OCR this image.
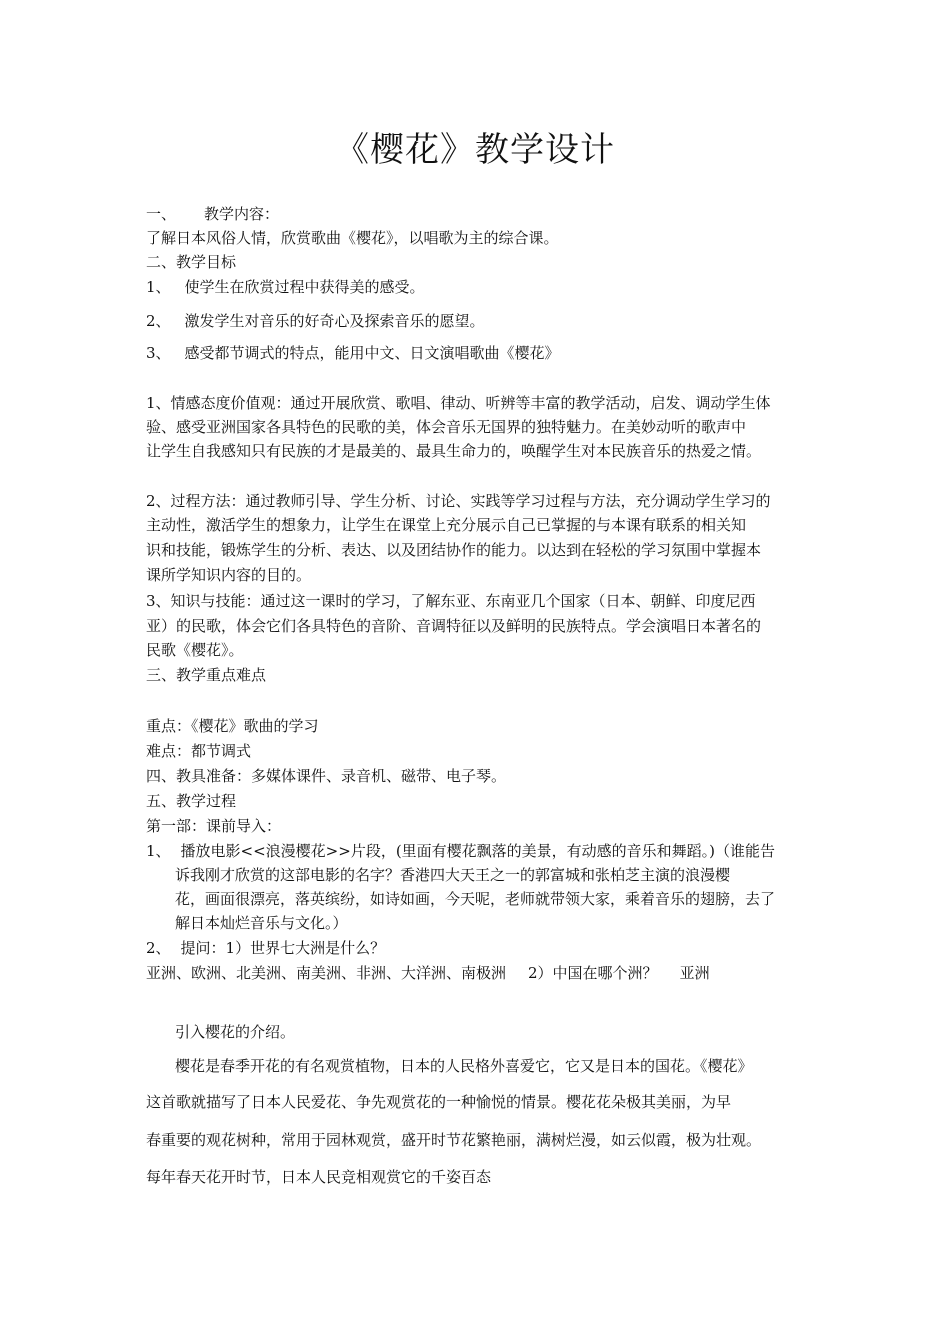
《樱花》教学设计
一、 教学内容：
了解日本风俗人情，欣赏歌曲《樱花》，以唱歌为主的综合课。
二、教学目标
1、 使学生在欣赏过程中获得美的感受。
2、 激发学生对音乐的好奇心及探索音乐的愿望。
3、 感受都节调式的特点，能用中文、日文演唱歌曲《樱花》
1、情感态度价值观：通过开展欣赏、歌唱、律动、听辨等丰富的教学活动，启发、调动学生体
验、感受亚洲国家各具特色的民歌的美，体会音乐无国界的独特魅力。在美妙动听的歌声中
让学生自我感知只有民族的才是最美的、最具生命力的，唤醒学生对本民族音乐的热爱之情。
2、过程方法：通过教师引导、学生分析、讨论、实践等学习过程与方法，充分调动学生学习的
主动性，激活学生的想象力，让学生在课堂上充分展示自己已掌握的与本课有联系的相关知
识和技能，锻炼学生的分析、表达、以及团结协作的能力。以达到在轻松的学习氛围中掌握本
课所学知识内容的目的。
3、知识与技能：通过这一课时的学习，了解东亚、东南亚几个国家（日本、朝鲜、印度尼西
亚）的民歌，体会它们各具特色的音阶、音调特征以及鲜明的民族特点。学会演唱日本著名的
民歌《樱花》。
三、教学重点难点
重点：《樱花》歌曲的学习
难点：都节调式
四、教具准备：多媒体课件、录音机、磁带、电子琴。
五、教学过程
第一部：课前导入：
1、 播放电影<<浪漫樱花>>片段，(里面有樱花飘落的美景，有动感的音乐和舞蹈。)（谁能告
诉我刚才欣赏的这部电影的名字？香港四大天王之一的郭富城和张柏芝主演的浪漫樱
花，画面很漂亮，落英缤纷，如诗如画，今天呢，老师就带领大家，乘着音乐的翅膀，去了
解日本灿烂音乐与文化。）
2、 提问：1）世界七大洲是什么？
亚洲、欧洲、北美洲、南美洲、非洲、大洋洲、南极洲 2）中国在哪个洲？ 亚洲
引入樱花的介绍。
樱花是春季开花的有名观赏植物，日本的人民格外喜爱它，它又是日本的国花。《樱花》
这首歌就描写了日本人民爱花、争先观赏花的一种愉悦的情景。樱花花朵极其美丽，为早
春重要的观花树种，常用于园林观赏，盛开时节花繁艳丽，满树烂漫，如云似霞，极为壮观。
每年春天花开时节，日本人民竞相观赏它的千姿百态
